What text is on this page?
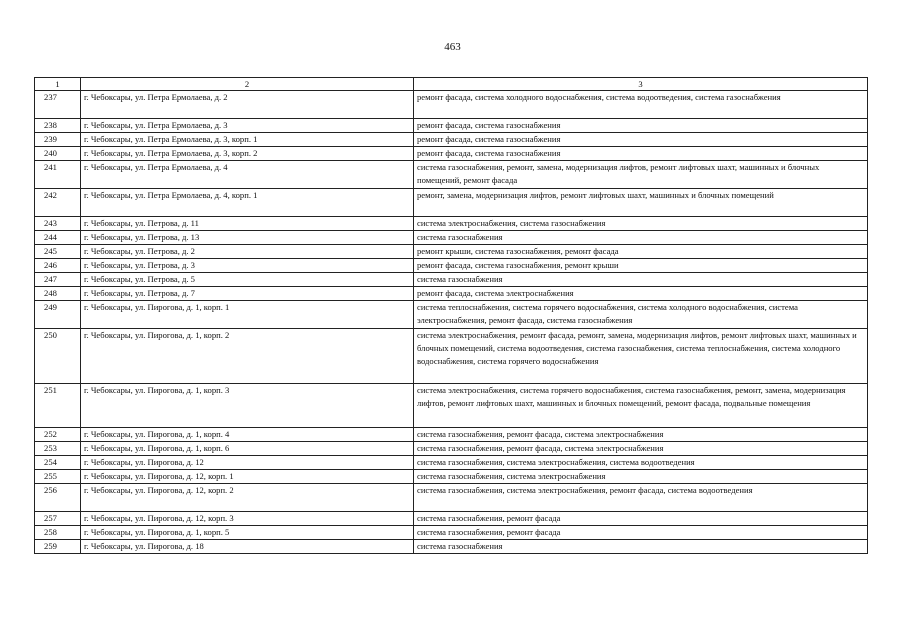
463
1	2	3
237	г. Чебоксары, ул. Петра Ермолаева, д. 2	ремонт фасада, система холодного водоснабжения, система водоотведения, система газоснабжения
238	г. Чебоксары, ул. Петра Ермолаева, д. 3	ремонт фасада, система газоснабжения
239	г. Чебоксары, ул. Петра Ермолаева, д. 3, корп. 1	ремонт фасада, система газоснабжения
240	г. Чебоксары, ул. Петра Ермолаева, д. 3, корп. 2	ремонт фасада, система газоснабжения
241	г. Чебоксары, ул. Петра Ермолаева, д. 4	система газоснабжения, ремонт, замена, модернизация лифтов, ремонт лифтовых шахт, машинных и блочных помещений, ремонт фасада
242	г. Чебоксары, ул. Петра Ермолаева, д. 4, корп. 1	ремонт, замена, модернизация лифтов, ремонт лифтовых шахт, машинных и блочных помещений
243	г. Чебоксары, ул. Петрова, д. 11	система электроснабжения, система газоснабжения
244	г. Чебоксары, ул. Петрова, д. 13	система газоснабжения
245	г. Чебоксары, ул. Петрова, д. 2	ремонт крыши, система газоснабжения, ремонт фасада
246	г. Чебоксары, ул. Петрова, д. 3	ремонт фасада, система газоснабжения, ремонт крыши
247	г. Чебоксары, ул. Петрова, д. 5	система газоснабжения
248	г. Чебоксары, ул. Петрова, д. 7	ремонт фасада, система электроснабжения
249	г. Чебоксары, ул. Пирогова, д. 1, корп. 1	система теплоснабжения, система горячего водоснабжения, система холодного водоснабжения, система электроснабжения, ремонт фасада, система газоснабжения
250	г. Чебоксары, ул. Пирогова, д. 1, корп. 2	система электроснабжения, ремонт фасада, ремонт, замена, модернизация лифтов, ремонт лифтовых шахт, машинных и блочных помещений, система водоотведения, система газоснабжения, система теплоснабжения, система холодного водоснабжения, система горячего водоснабжения
251	г. Чебоксары, ул. Пирогова, д. 1, корп. 3	система электроснабжения, система горячего водоснабжения, система газоснабжения, ремонт, замена, модернизация лифтов, ремонт лифтовых шахт, машинных и блочных помещений, ремонт фасада, подвальные помещения
252	г. Чебоксары, ул. Пирогова, д. 1, корп. 4	система газоснабжения, ремонт фасада, система электроснабжения
253	г. Чебоксары, ул. Пирогова, д. 1, корп. 6	система газоснабжения, ремонт фасада, система электроснабжения
254	г. Чебоксары, ул. Пирогова, д. 12	система газоснабжения, система электроснабжения, система водоотведения
255	г. Чебоксары, ул. Пирогова, д. 12, корп. 1	система газоснабжения, система электроснабжения
256	г. Чебоксары, ул. Пирогова, д. 12, корп. 2	система газоснабжения, система электроснабжения, ремонт фасада, система водоотведения
257	г. Чебоксары, ул. Пирогова, д. 12, корп. 3	система газоснабжения, ремонт фасада
258	г. Чебоксары, ул. Пирогова, д. 1, корп. 5	система газоснабжения, ремонт фасада
259	г. Чебоксары, ул. Пирогова, д. 18	система газоснабжения
